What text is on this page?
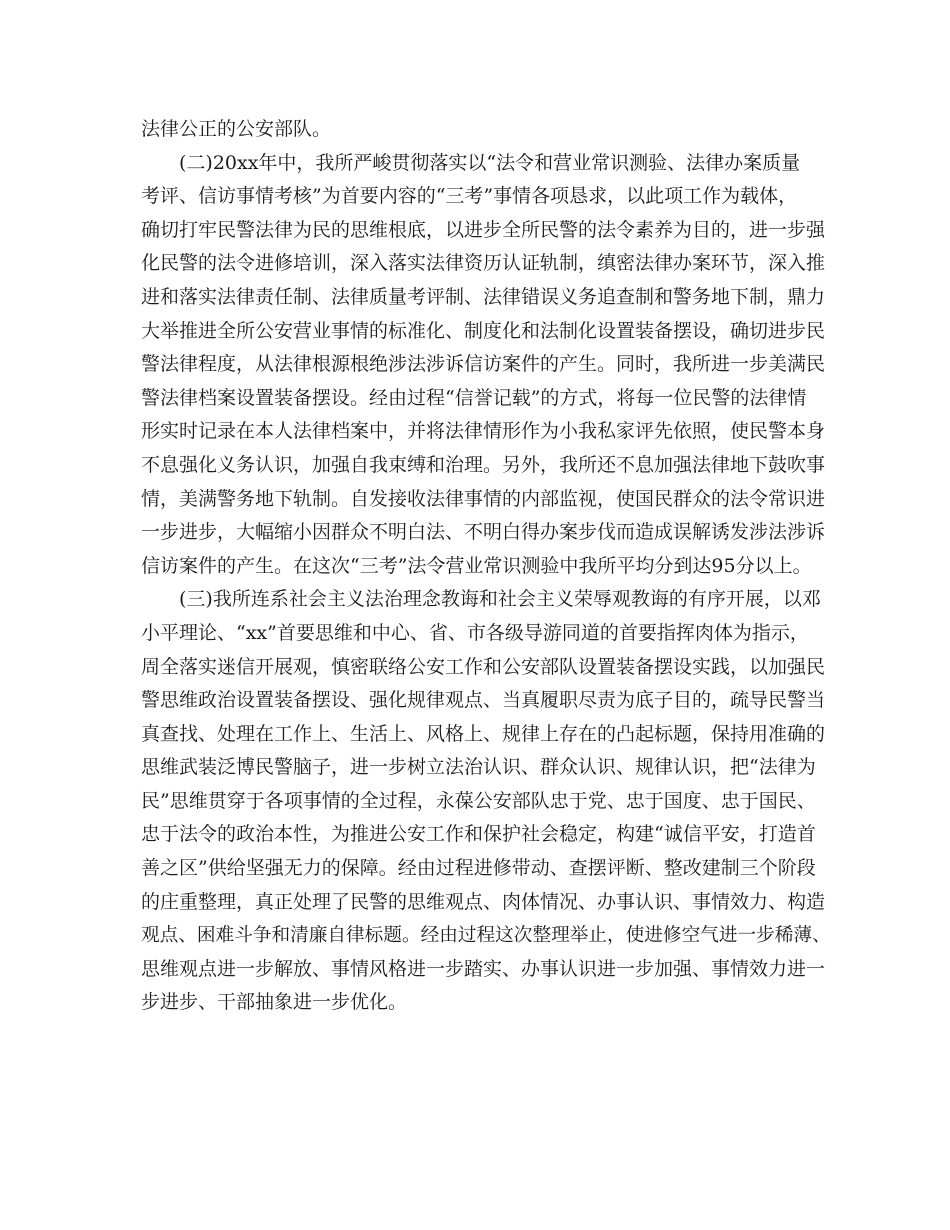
法律公正的公安部队。
(二)20xx年中，我所严峻贯彻落实以“法令和营业常识测验、法律办案质量
考评、信访事情考核”为首要内容的“三考”事情各项恳求，以此项工作为载体，
确切打牢民警法律为民的思维根底，以进步全所民警的法令素养为目的，进一步强
化民警的法令进修培训，深入落实法律资历认证轨制，缜密法律办案环节，深入推
进和落实法律责任制、法律质量考评制、法律错误义务追查制和警务地下制，鼎力
大举推进全所公安营业事情的标准化、制度化和法制化设置装备摆设，确切进步民
警法律程度，从法律根源根绝涉法涉诉信访案件的产生。同时，我所进一步美满民
警法律档案设置装备摆设。经由过程“信誉记载”的方式，将每一位民警的法律情
形实时记录在本人法律档案中，并将法律情形作为小我私家评先依照，使民警本身
不息强化义务认识，加强自我束缚和治理。另外，我所还不息加强法律地下鼓吹事
情，美满警务地下轨制。自发接收法律事情的内部监视，使国民群众的法令常识进
一步进步，大幅缩小因群众不明白法、不明白得办案步伐而造成误解诱发涉法涉诉
信访案件的产生。在这次“三考”法令营业常识测验中我所平均分到达95分以上。
(三)我所连系社会主义法治理念教诲和社会主义荣辱观教诲的有序开展，以邓
小平理论、“xx”首要思维和中心、省、市各级导游同道的首要指挥肉体为指示，
周全落实迷信开展观，慎密联络公安工作和公安部队设置装备摆设实践，以加强民
警思维政治设置装备摆设、强化规律观点、当真履职尽责为底子目的，疏导民警当
真查找、处理在工作上、生活上、风格上、规律上存在的凸起标题，保持用准确的
思维武装泛博民警脑子，进一步树立法治认识、群众认识、规律认识，把“法律为
民”思维贯穿于各项事情的全过程，永葆公安部队忠于党、忠于国度、忠于国民、
忠于法令的政治本性，为推进公安工作和保护社会稳定，构建“诚信平安，打造首
善之区”供给坚强无力的保障。经由过程进修带动、查摆评断、整改建制三个阶段
的庄重整理，真正处理了民警的思维观点、肉体情况、办事认识、事情效力、构造
观点、困难斗争和清廉自律标题。经由过程这次整理举止，使进修空气进一步稀薄、
思维观点进一步解放、事情风格进一步踏实、办事认识进一步加强、事情效力进一
步进步、干部抽象进一步优化。
